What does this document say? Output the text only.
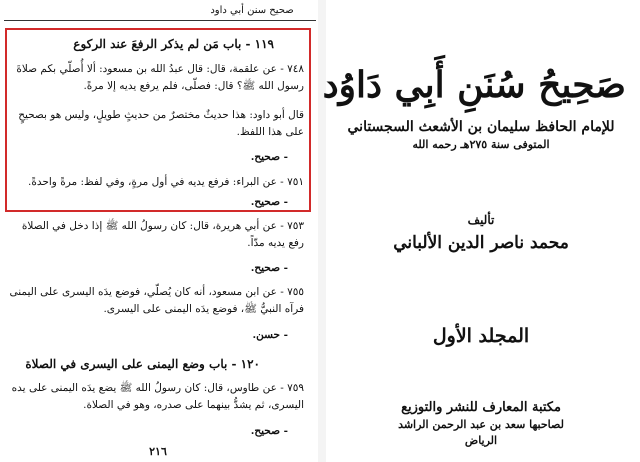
صحيح سنن أبي داود
١١٩ - باب مَن لم يذكر الرفعَ عند الركوع
٧٤٨ - عن علقمة، قال: قال عبدُ الله بن مسعود: ألا أُصلّي بكم صلاةَ
رسول الله ﷺ؟ قال: فصلّى، فلم يرفع يديه إلا مرةً.
قال أبو داود: هذا حديثٌ مختصرٌ من حديثٍ طويلٍ، وليس هو بصحيحٍ
على هذا اللفظ.
- صحيح.
٧٥١ - عن البراء: فرفع يديه في أول مرةٍ، وفي لفظ: مرةً واحدةً.
- صحيح.
٧٥٣ - عن أبي هريرة، قال: كان رسولُ الله ﷺ إذا دخل في الصلاة
رفع يديه مدّاً.
- صحيح.
٧٥٥ - عن ابن مسعود، أنه كان يُصلّي، فوضع يدَه اليسرى على اليمنى
فرآه النبيُّ ﷺ، فوضع يدَه اليمنى على اليسرى.
- حسن.
١٢٠ - باب وضع اليمنى على اليسرى في الصلاة
٧٥٩ - عن طاوس، قال: كان رسولُ الله ﷺ يضع يدَه اليمنى على يده
اليسرى، ثم يشدُّ بينهما على صدره، وهو في الصلاة.
- صحيح.
٢١٦
صَحِيحُ سُنَنِ أَبِي دَاوُد
للإمام الحافظ سليمان بن الأشعث السجستاني
المتوفى سنة ٢٧٥هـ رحمه الله
تأليف
محمد ناصر الدين الألباني
المجلد الأول
مكتبة المعارف للنشر والتوزيع
لصاحبها سعد بن عبد الرحمن الراشد
الرياض
